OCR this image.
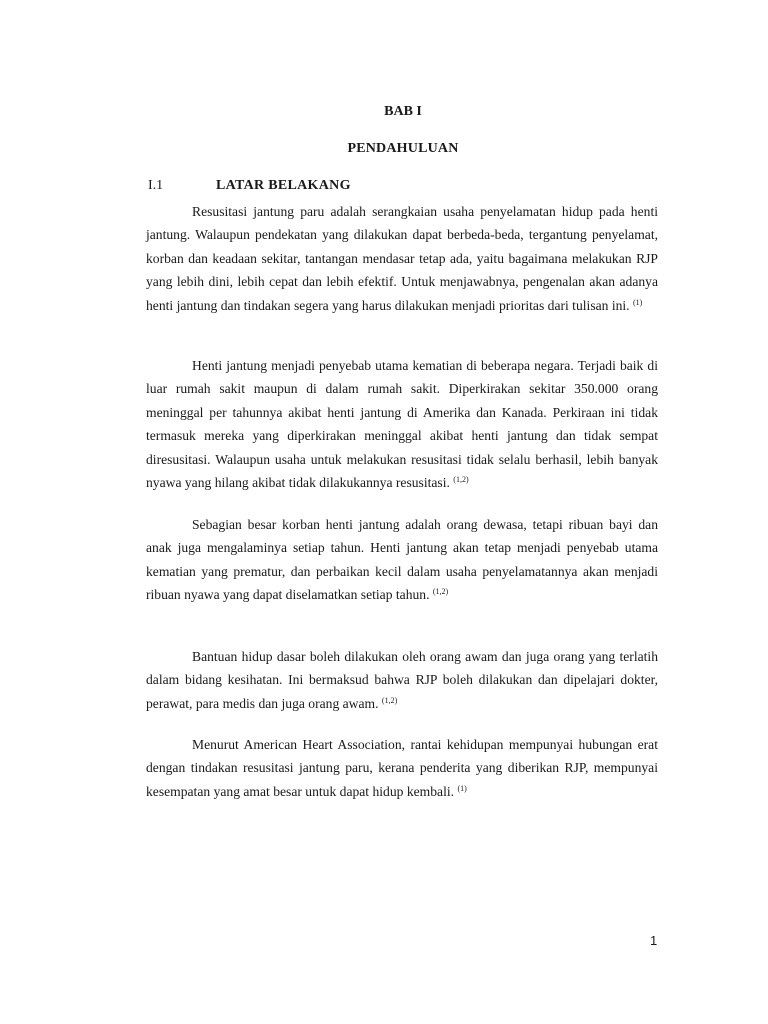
BAB I
PENDAHULUAN
I.1	LATAR BELAKANG

Resusitasi jantung paru adalah serangkaian usaha penyelamatan hidup pada henti jantung. Walaupun pendekatan yang dilakukan dapat berbeda-beda, tergantung penyelamat, korban dan keadaan sekitar, tantangan mendasar tetap ada, yaitu bagaimana melakukan RJP yang lebih dini, lebih cepat dan lebih efektif. Untuk menjawabnya, pengenalan akan adanya henti jantung dan tindakan segera yang harus dilakukan menjadi prioritas dari tulisan ini. $^{(1)}$

Henti jantung menjadi penyebab utama kematian di beberapa negara. Terjadi baik di luar rumah sakit maupun di dalam rumah sakit. Diperkirakan sekitar 350.000 orang meninggal per tahunnya akibat henti jantung di Amerika dan Kanada. Perkiraan ini tidak termasuk mereka yang diperkirakan meninggal akibat henti jantung dan tidak sempat diresusitasi. Walaupun usaha untuk melakukan resusitasi tidak selalu berhasil, lebih banyak nyawa yang hilang akibat tidak dilakukannya resusitasi. $^{(1,2)}$

Sebagian besar korban henti jantung adalah orang dewasa, tetapi ribuan bayi dan anak juga mengalaminya setiap tahun. Henti jantung akan tetap menjadi penyebab utama kematian yang prematur, dan perbaikan kecil dalam usaha penyelamatannya akan menjadi ribuan nyawa yang dapat diselamatkan setiap tahun. $^{(1,2)}$

Bantuan hidup dasar boleh dilakukan oleh orang awam dan juga orang yang terlatih dalam bidang kesihatan. Ini bermaksud bahwa RJP boleh dilakukan dan dipelajari dokter, perawat, para medis dan juga orang awam. $^{(1,2)}$

Menurut American Heart Association, rantai kehidupan mempunyai hubungan erat dengan tindakan resusitasi jantung paru, kerana penderita yang diberikan RJP, mempunyai kesempatan yang amat besar untuk dapat hidup kembali. $^{(1)}$

1
